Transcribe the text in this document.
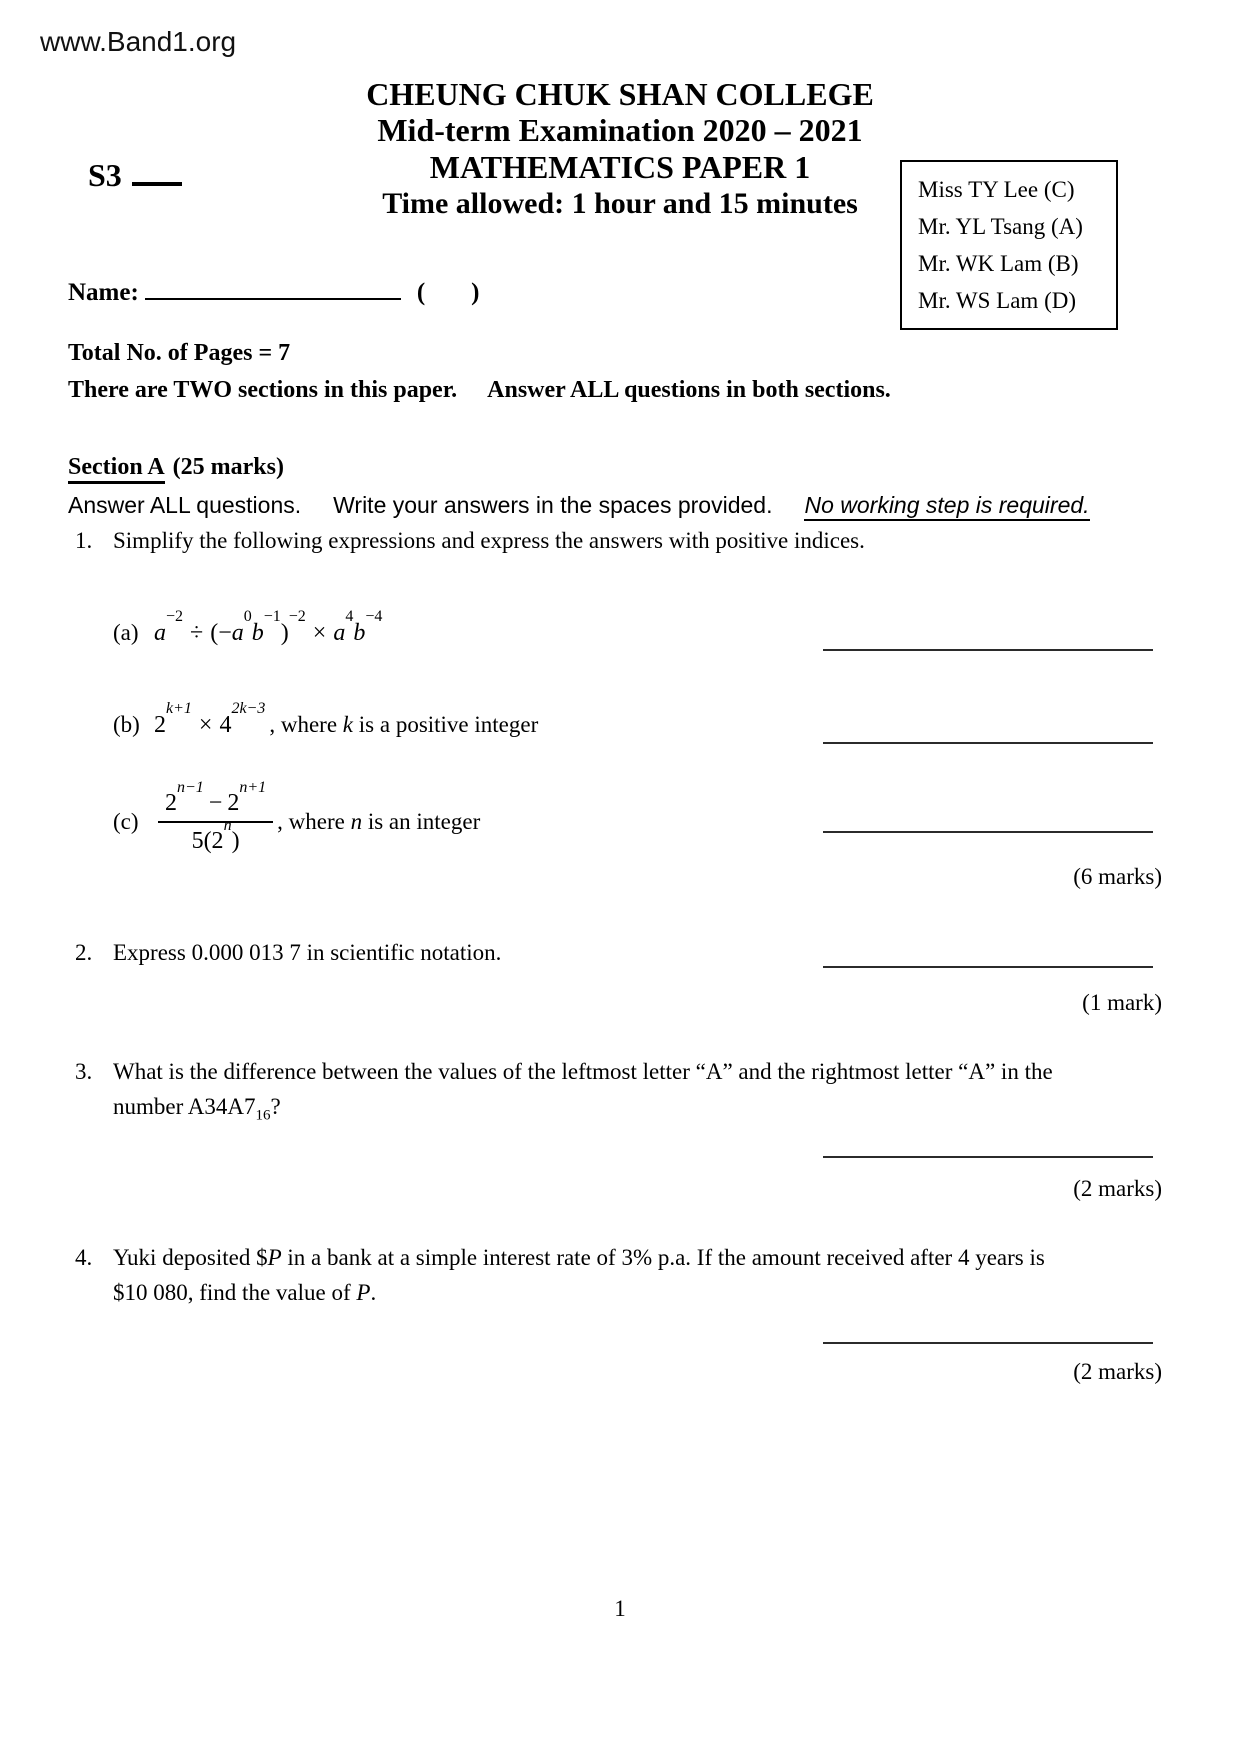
www.Band1.org
CHEUNG CHUK SHAN COLLEGE
Mid-term Examination 2020 – 2021
MATHEMATICS PAPER 1
Time allowed: 1 hour and 15 minutes
S3	Miss TY Lee (C)
Mr. YL Tsang (A)
Mr. WK Lam (B)
Mr. WS Lam (D)
Name:	( )
Total No. of Pages = 7
There are TWO sections in this paper. Answer ALL questions in both sections.
Section A (25 marks)
Answer ALL questions. Write your answers in the spaces provided. No working step is required.
1. Simplify the following expressions and express the answers with positive indices.
(a) $a^{-2}\div (-a^0b^{-1})^{-2}\times a^4b^{-4}$
(b) $2^{k+1}\times 4^{2k-3}$, where k is a positive integer
$(c) \frac{2^{n-1}- 2^{n+1}}{5(2^n)}$ , where n is an integer
(6 marks)
2. Express 0.000 013 7 in scientific notation.
(1 mark)
3. What is the difference between the values of the leftmost letter “A” and the rightmost letter “A” in the
number $A34A7_{16}$?
(2 marks)
4. Yuki deposited $P in a bank at a simple interest rate of 3% p.a. If the amount received after 4 years is
$10 080, find the value of P.
(2 marks)
1
